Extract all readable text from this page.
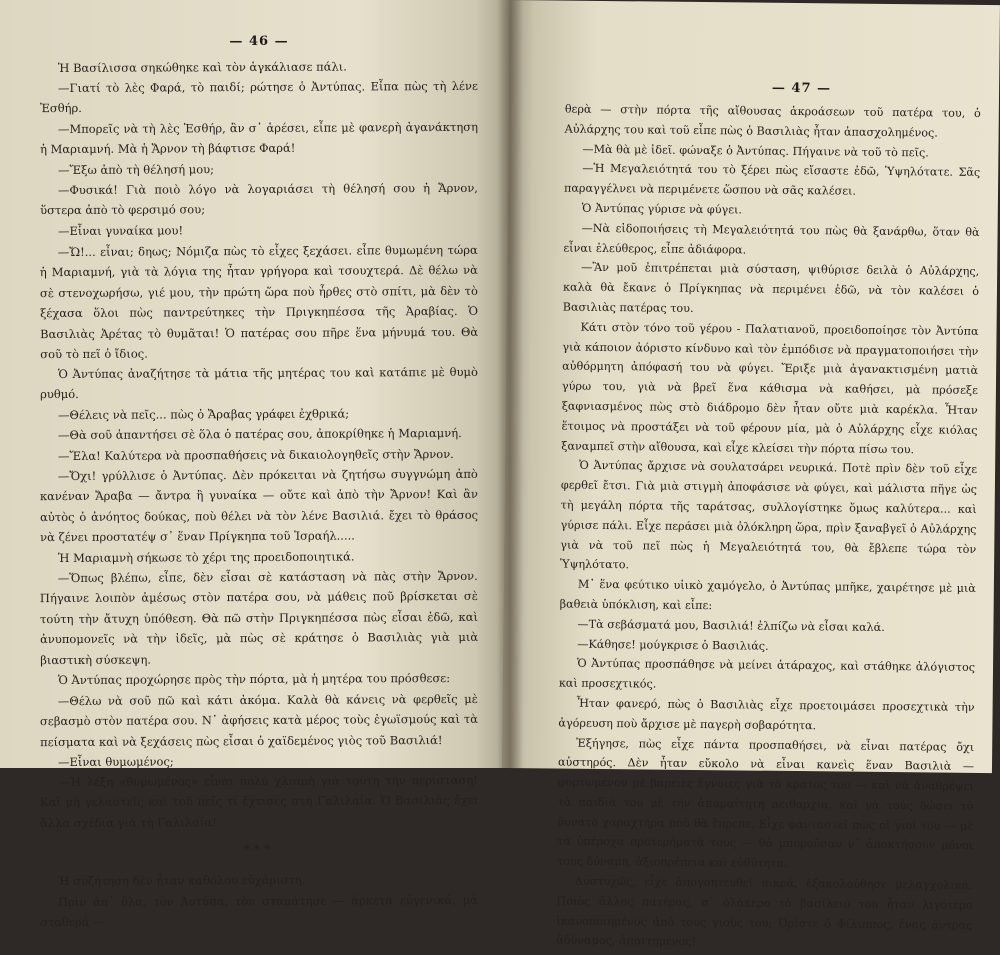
— 46 —

Ἡ Βασίλισσα σηκώθηκε καὶ τὸν ἀγκάλιασε πάλι.

—Γιατί τὸ λὲς Φαρά, τὸ παιδί; ρώτησε ὁ Ἀντύπας. Εἶπα πὼς τὴ λένε Ἐσθήρ.

—Μπορεῖς νὰ τὴ λὲς Ἐσθήρ, ἂν σ᾽ ἀρέσει, εἶπε μὲ φανερὴ ἀγανάκτηση ἡ Μαριαμνή. Μὰ ἡ Ἄρνον τὴ βάφτισε Φαρά!

—Ἔξω ἀπὸ τὴ θέλησή μου;

—Φυσικά! Γιὰ ποιὸ λόγο νὰ λογαριάσει τὴ θέλησή σου ἡ Ἄρνον, ὕστερα ἀπὸ τὸ φερσιμό σου;

—Εἶναι γυναίκα μου!

—Ὤ!... εἶναι; δηως; Νόμιζα πὼς τὸ εἶχες ξεχάσει. εἶπε θυμωμένη τώρα ἡ Μαριαμνή, γιὰ τὰ λόγια της ἦταν γρήγορα καὶ τσουχτερά. Δὲ θέλω νὰ σὲ στενοχωρήσω, γιέ μου, τὴν πρώτη ὥρα ποὺ ἦρθες στὸ σπίτι, μὰ δὲν τὸ ξέχασα ὅλοι πὼς παντρεύτηκες τὴν Πριγκηπέσσα τῆς Ἀραβίας. Ὁ Βασιλιὰς Ἀρέτας τὸ θυμᾶται! Ὁ πατέρας σου πῆρε ἕνα μήνυμά του. Θὰ σοῦ τὸ πεῖ ὁ ἴδιος.

Ὁ Ἀντύπας ἀναζήτησε τὰ μάτια τῆς μητέρας του καὶ κατάπιε μὲ θυμὸ ρυθμό.

—Θέλεις νὰ πεῖς... πὼς ὁ Ἄραβας γράφει ἐχθρικά;

—Θὰ σοῦ ἀπαντήσει σὲ ὅλα ὁ πατέρας σου, ἀποκρίθηκε ἡ Μαριαμνή.

—Ἔλα! Καλύτερα νὰ προσπαθήσεις νὰ δικαιολογηθεῖς στὴν Ἄρνον.

—Ὄχι! γρύλλισε ὁ Ἀντύπας. Δὲν πρόκειται νὰ ζητήσω συγγνώμη ἀπὸ κανέναν Ἄραβα — ἄντρα ἢ γυναίκα — οὔτε καὶ ἀπὸ τὴν Ἄρνον! Καὶ ἂν αὐτὸς ὁ ἀνόητος δούκας, ποὺ θέλει νὰ τὸν λένε Βασιλιά. ἔχει τὸ θράσος νὰ ζένει προστατέψ σ᾽ ἕναν Πρίγκηπα τοῦ Ἰσραήλ.....

Ἡ Μαριαμνὴ σήκωσε τὸ χέρι της προειδοποιητικά.

—Ὅπως βλέπω, εἶπε, δὲν εἶσαι σὲ κατάσταση νὰ πὰς στὴν Ἄρνον. Πήγαινε λοιπὸν ἀμέσως στὸν πατέρα σου, νὰ μάθεις ποῦ βρίσκεται σὲ τούτη τὴν ἄτυχη ὑπόθεση. Θὰ πῶ στὴν Πριγκηπέσσα πὼς εἶσαι ἐδῶ, καὶ ἀνυπομονεῖς νὰ τὴν ἰδεῖς, μὰ πὼς σὲ κράτησε ὁ Βασιλιὰς γιὰ μιὰ βιαστικὴ σύσκεψη.

Ὁ Ἀντύπας προχώρησε πρὸς τὴν πόρτα, μὰ ἡ μητέρα του πρόσθεσε:

—Θέλω νὰ σοῦ πῶ καὶ κάτι ἀκόμα. Καλὰ θὰ κάνεις νὰ φερθεῖς μὲ σεβασμὸ στὸν πατέρα σου. Ν᾽ ἀφήσεις κατὰ μέρος τοὺς ἐγωϊσμούς καὶ τὰ πείσματα καὶ νὰ ξεχάσεις πὼς εἶσαι ὁ χαϊδεμένος γιὸς τοῦ Βασιλιά!

—Εἶναι θυμωμένος;

—Ἡ λέξη «θυμωμένος» εἶναι πολὺ χλιαρὴ γιὰ τούτη τὴν περίσταση! Καὶ μὴ γελαστεῖς καὶ τοῦ πεῖς τί ἔχτισες στὴ Γαλιλαία. Ὁ Βασιλιὰς ἔχει ἄλλα σχέδια γιὰ τὴ Γαλιλαία!

***

Ἡ συζήτηση δὲν ἦταν καθόλου εὐχάριστη.

Πρὶν ἀπ᾽ ὅλα, τὸν Ἀντύπα, τὸν σταμάτησε — ἀρκετὰ εὐγενικά, μὰ σταθερά —

— 47 —

θερὰ — στὴν πόρτα τῆς αἴθουσας ἀκροάσεων τοῦ πατέρα του, ὁ Αὐλάρχης του καὶ τοῦ εἶπε πὼς ὁ Βασιλιὰς ἦταν ἀπασχολημένος.

—Μὰ θὰ μὲ ἰδεῖ. φώναξε ὁ Ἀντύπας. Πήγαινε νὰ τοῦ τὸ πεῖς.

—Ἡ Μεγαλειότητά του τὸ ξέρει πὼς εἴσαστε ἐδῶ, Ὑψηλότατε. Σᾶς παραγγέλνει νὰ περιμένετε ὥσπου νὰ σᾶς καλέσει.

Ὁ Ἀντύπας γύρισε νὰ φύγει.

—Νὰ εἰδοποιήσεις τὴ Μεγαλειότητά του πὼς θὰ ξανάρθω, ὅταν θὰ εἶναι ἐλεύθερος, εἶπε ἀδιάφορα.

—Ἂν μοῦ ἐπιτρέπεται μιὰ σύσταση, ψιθύρισε δειλὰ ὁ Αὐλάρχης, καλὰ θὰ ἔκανε ὁ Πρίγκηπας νὰ περιμένει ἐδῶ, νὰ τὸν καλέσει ὁ Βασιλιὰς πατέρας του.

Κάτι στὸν τόνο τοῦ γέρου - Παλατιανοῦ, προειδοποίησε τὸν Ἀντύπα γιὰ κάποιον ἀόριστο κίνδυνο καὶ τὸν ἐμπόδισε νὰ πραγματοποιήσει τὴν αὐθόρμητη ἀπόφασή του νὰ φύγει. Ἔριξε μιὰ ἀγανακτισμένη ματιὰ γύρω του, γιὰ νὰ βρεῖ ἕνα κάθισμα νὰ καθήσει, μὰ πρόσεξε ξαφνιασμένος πὼς στὸ διάδρομο δὲν ἦταν οὔτε μιὰ καρέκλα. Ἦταν ἕτοιμος νὰ προστάξει νὰ τοῦ φέρουν μία, μὰ ὁ Αὐλάρχης εἶχε κιόλας ξαναμπεῖ στὴν αἴθουσα, καὶ εἶχε κλείσει τὴν πόρτα πίσω του.

Ὁ Ἀντύπας ἄρχισε νὰ σουλατσάρει νευρικά. Ποτὲ πρὶν δὲν τοῦ εἶχε φερθεῖ ἔτσι. Γιὰ μιὰ στιγμὴ ἀποφάσισε νὰ φύγει, καὶ μάλιστα πῆγε ὡς τὴ μεγάλη πόρτα τῆς ταράτσας, συλλογίστηκε ὅμως καλύτερα... καὶ γύρισε πάλι. Εἶχε περάσει μιὰ ὁλόκληρη ὥρα, πρὶν ξαναβγεῖ ὁ Αὐλάρχης γιὰ νὰ τοῦ πεῖ πὼς ἡ Μεγαλειότητά του, θὰ ἔβλεπε τώρα τὸν Ὑψηλότατο.

Μ᾽ ἕνα φεύτικο υἱικὸ χαμόγελο, ὁ Ἀντύπας μπῆκε, χαιρέτησε μὲ μιὰ βαθειὰ ὑπόκλιση, καὶ εἶπε:

—Τὰ σεβάσματά μου, Βασιλιά! ἐλπίζω νὰ εἶσαι καλά.

—Κάθησε! μούγκρισε ὁ Βασιλιάς.

Ὁ Ἀντύπας προσπάθησε νὰ μείνει ἀτάραχος, καὶ στάθηκε ἀλόγιστος καὶ προσεχτικός.

Ἦταν φανερό, πὼς ὁ Βασιλιὰς εἶχε προετοιμάσει προσεχτικὰ τὴν ἀγόρευση ποὺ ἄρχισε μὲ παγερὴ σοβαρότητα.

Ἐξήγησε, πὼς εἶχε πάντα προσπαθήσει, νὰ εἶναι πατέρας ὄχι αὐστηρός. Δὲν ἦταν εὔκολο νὰ εἶναι κανεὶς ἕναν Βασιλιὰ — φορτωμένον μὲ βαρειὲς ἔγνοιες γιὰ τὸ κράτος του — καὶ νὰ ἀναθρέψει τὰ παιδιά του μὲ τὴν ἀπαραίτητη πειθαρχία, καὶ νὰ τούς δώσει τὸ δυνατὸ χαραχτήρα ποὺ θὰ ἔπρεπε. Εἶχε φανταστεῖ πὼς οἱ γιοί του — μὲ τὰ ὑπέροχα προτερήματά τους — θὰ μποροῦσαν ν᾽ ἀποκτήσουν μόνοι τους δύναμη, ἀξιοπρέπεια καὶ εὐθύτητα.

Δυστυχῶς, εἶχε ἀπογοητευθεῖ πικρά, ἐξακολούθησε μελαγχολικά. Ποιὸς ἄλλος πατέρας, σ᾽ ὁλάκερο τὸ βασίλειό του ἦταν λιγότερο ἱκανοποιημένος ἀπὸ τοὺς γιοὺς του; Ὁρίστε ὁ Φίλιππος, ἕνας ἄντρας ἀδύναμος, ἀπαιτημένος!
